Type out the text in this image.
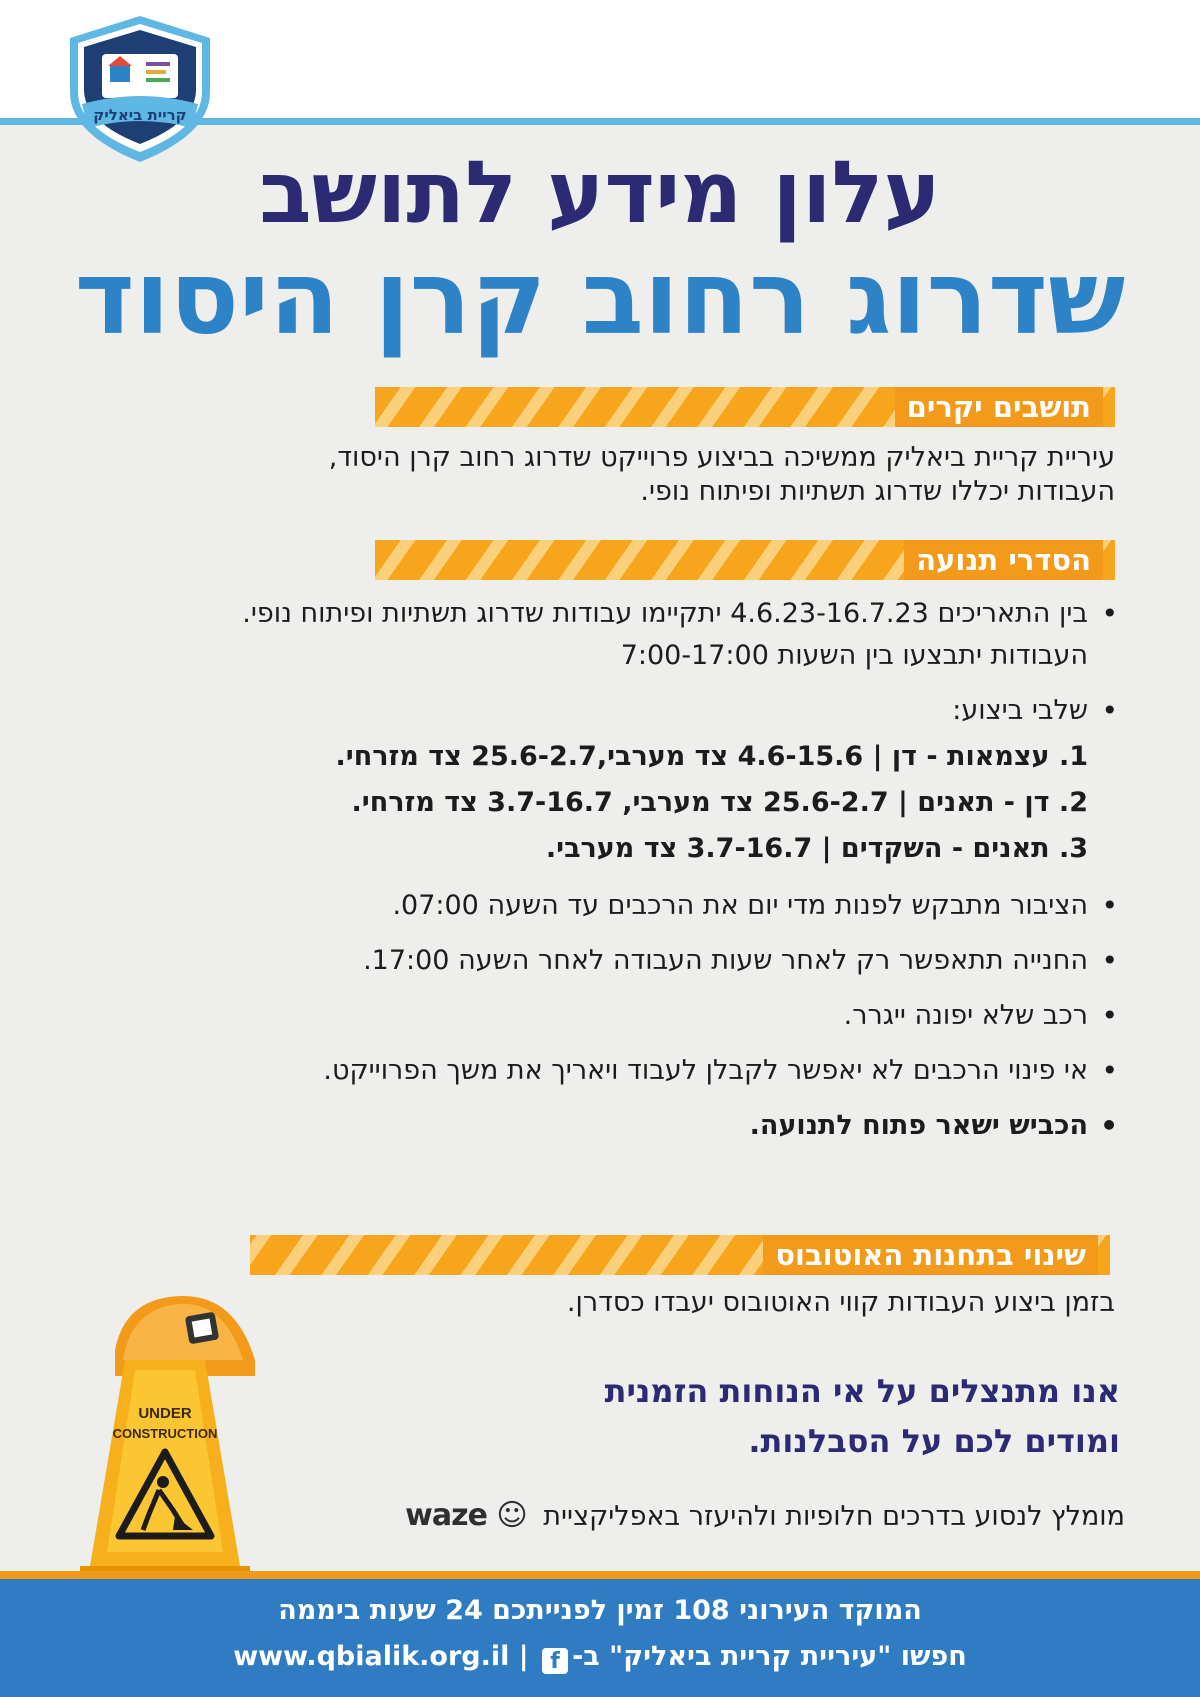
קריית ביאליק
עלון מידע לתושב
שדרוג רחוב קרן היסוד
תושבים יקרים
עיריית קריית ביאליק ממשיכה בביצוע פרוייקט שדרוג רחוב קרן היסוד,
העבודות יכללו שדרוג תשתיות ופיתוח נופי.
הסדרי תנועה
•
בין התאריכים 4.6.23-16.7.23 יתקיימו עבודות שדרוג תשתיות ופיתוח נופי.
העבודות יתבצעו בין השעות 7:00-17:00
•
שלבי ביצוע:
1. עצמאות - דן | 4.6-15.6 צד מערבי,25.6-2.7 צד מזרחי.
2. דן - תאנים | 25.6-2.7 צד מערבי, 3.7-16.7 צד מזרחי.
3. תאנים - השקדים | 3.7-16.7 צד מערבי.
•
הציבור מתבקש לפנות מדי יום את הרכבים עד השעה 07:00.
•
החנייה תתאפשר רק לאחר שעות העבודה לאחר השעה 17:00.
•
רכב שלא יפונה ייגרר.
•
אי פינוי הרכבים לא יאפשר לקבלן לעבוד ויאריך את משך הפרוייקט.
•
הכביש ישאר פתוח לתנועה.
שינוי בתחנות האוטובוס
בזמן ביצוע העבודות קווי האוטובוס יעבדו כסדרן.
אנו מתנצלים על אי הנוחות הזמנית
ומודים לכם על הסבלנות.
מומלץ לנסוע בדרכים חלופיות ולהיעזר באפליקציית waze ☺
UNDER
CONSTRUCTION
המוקד העירוני 108 זמין לפנייתכם 24 שעות ביממה
חפשו "עיריית קריית ביאליק" ב-f | www.qbialik.org.il
